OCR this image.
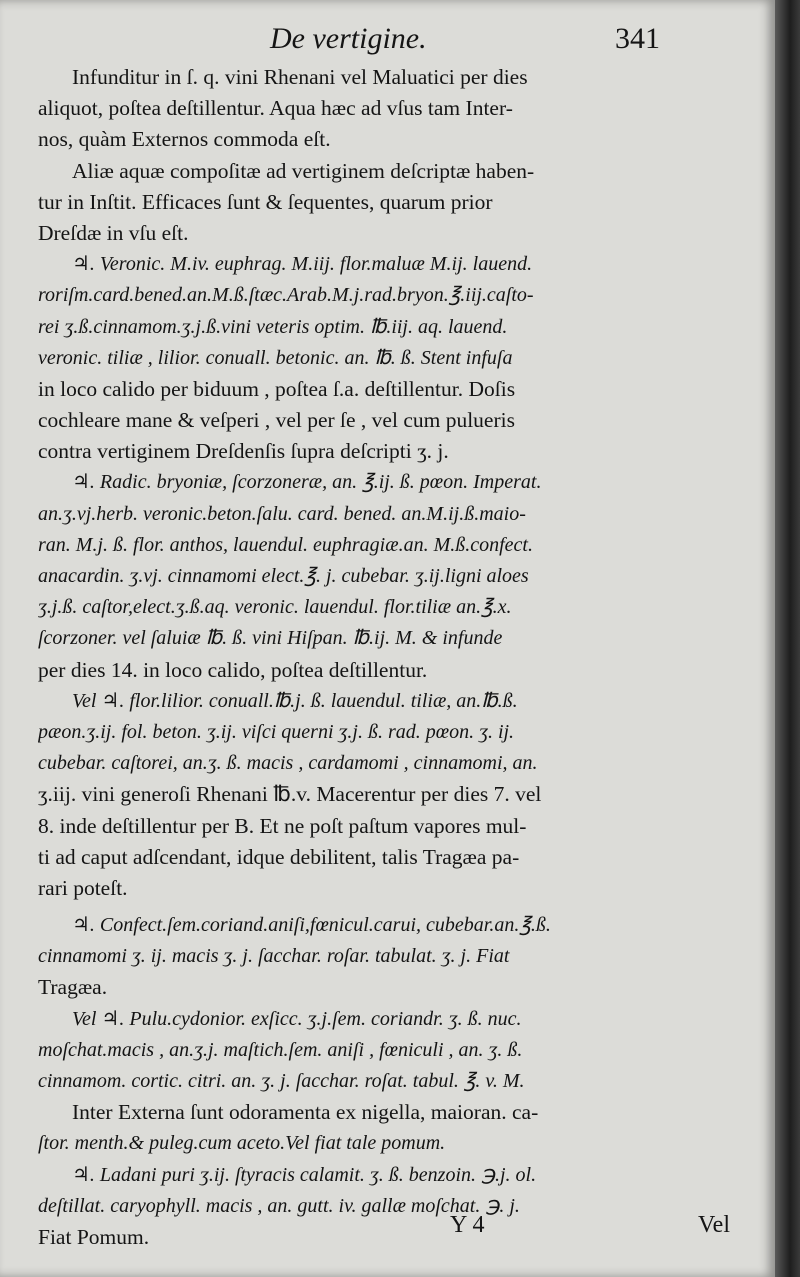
De vertigine.	341
Infunditur in ſ. q. vini Rhenani vel Maluatici per dies
aliquot, poſtea deſtillentur. Aqua hæc ad vſus tam Inter-
nos, quàm Externos commoda eſt.
Aliæ aquæ compoſitæ ad vertiginem deſcriptæ haben-
tur in Inſtit. Efficaces ſunt & ſequentes, quarum prior
Dreſdæ in vſu eſt.
♃. Veronic. M.iv. euphrag. M.iij. flor.maluæ M.ij. lauend.
roriſm.card.bened.an.M.ß.ſtæc.Arab.M.j.rad.bryon.℥.iij.caſto-
rei ʒ.ß.cinnamom.ʒ.j.ß.vini veteris optim. ℔.iij. aq. lauend.
veronic. tiliæ , lilior. conuall. betonic. an. ℔. ß. Stent infuſa
in loco calido per biduum , poſtea ſ.a. deſtillentur. Doſis
cochleare mane & veſperi , vel per ſe , vel cum pulueris
contra vertiginem Dreſdenſis ſupra deſcripti ʒ. j.
♃. Radic. bryoniæ, ſcorzoneræ, an. ℥.ij. ß. pœon. Imperat.
an.ʒ.vj.herb. veronic.beton.ſalu. card. bened. an.M.ij.ß.maio-
ran. M.j. ß. flor. anthos, lauendul. euphragiæ.an. M.ß.confect.
anacardin. ʒ.vj. cinnamomi elect.℥. j. cubebar. ʒ.ij.ligni aloes
ʒ.j.ß. caſtor,elect.ʒ.ß.aq. veronic. lauendul. flor.tiliæ an.℥.x.
ſcorzoner. vel ſaluiæ ℔. ß. vini Hiſpan. ℔.ij. M. & infunde
per dies 14. in loco calido, poſtea deſtillentur.
Vel ♃. flor.lilior. conuall.℔.j. ß. lauendul. tiliæ, an.℔.ß.
pæon.ʒ.ij. fol. beton. ʒ.ij. viſci querni ʒ.j. ß. rad. pœon. ʒ. ij.
cubebar. caſtorei, an.ʒ. ß. macis , cardamomi , cinnamomi, an.
ʒ.iij. vini generoſi Rhenani ℔.v. Macerentur per dies 7. vel
8. inde deſtillentur per B. Et ne poſt paſtum vapores mul-
ti ad caput adſcendant, idque debilitent, talis Tragæa pa-
rari poteſt.
♃. Confect.ſem.coriand.aniſi,fœnicul.carui, cubebar.an.℥.ß.
cinnamomi ʒ. ij. macis ʒ. j. ſacchar. roſar. tabulat. ʒ. j. Fiat
Tragæa.
Vel ♃. Pulu.cydonior. exſicc. ʒ.j.ſem. coriandr. ʒ. ß. nuc.
moſchat.macis , an.ʒ.j. maſtich.ſem. aniſi , fœniculi , an. ʒ. ß.
cinnamom. cortic. citri. an. ʒ. j. ſacchar. roſat. tabul. ℥. v. M.
Inter Externa ſunt odoramenta ex nigella, maioran. ca-
ſtor. menth.& puleg.cum aceto.Vel fiat tale pomum.
♃. Ladani puri ʒ.ij. ſtyracis calamit. ʒ. ß. benzoin. ℈.j. ol.
deſtillat. caryophyll. macis , an. gutt. iv. gallæ moſchat. ℈. j.
Fiat Pomum.	Y 4	Vel
